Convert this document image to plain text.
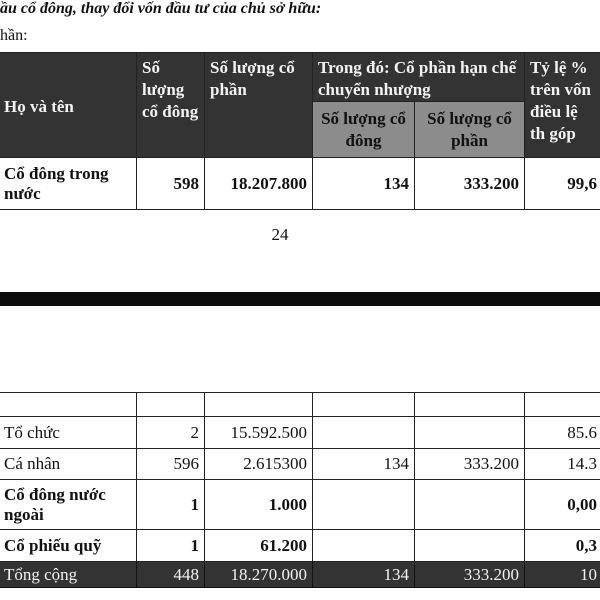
ầu cổ đông, thay đổi vốn đầu tư của chủ sở hữu:
hần:
Họ và tên	Số lượng cổ đông	Số lượng cổ phần	Trong đó: Cổ phần hạn chế chuyển nhượng		Tỷ lệ % trên vốn điều lệ th góp
			Số lượng cổ đông	Số lượng cổ phần	
Cổ đông trong nước	598	18.207.800	134	333.200	99,6
24

Tổ chức	2	15.592.500			85.6
Cá nhân	596	2.615300	134	333.200	14.3
Cổ đông nước ngoài	1	1.000			0,00
Cổ phiếu quỹ	1	61.200			0,3
Tổng cộng	448	18.270.000	134	333.200	10
